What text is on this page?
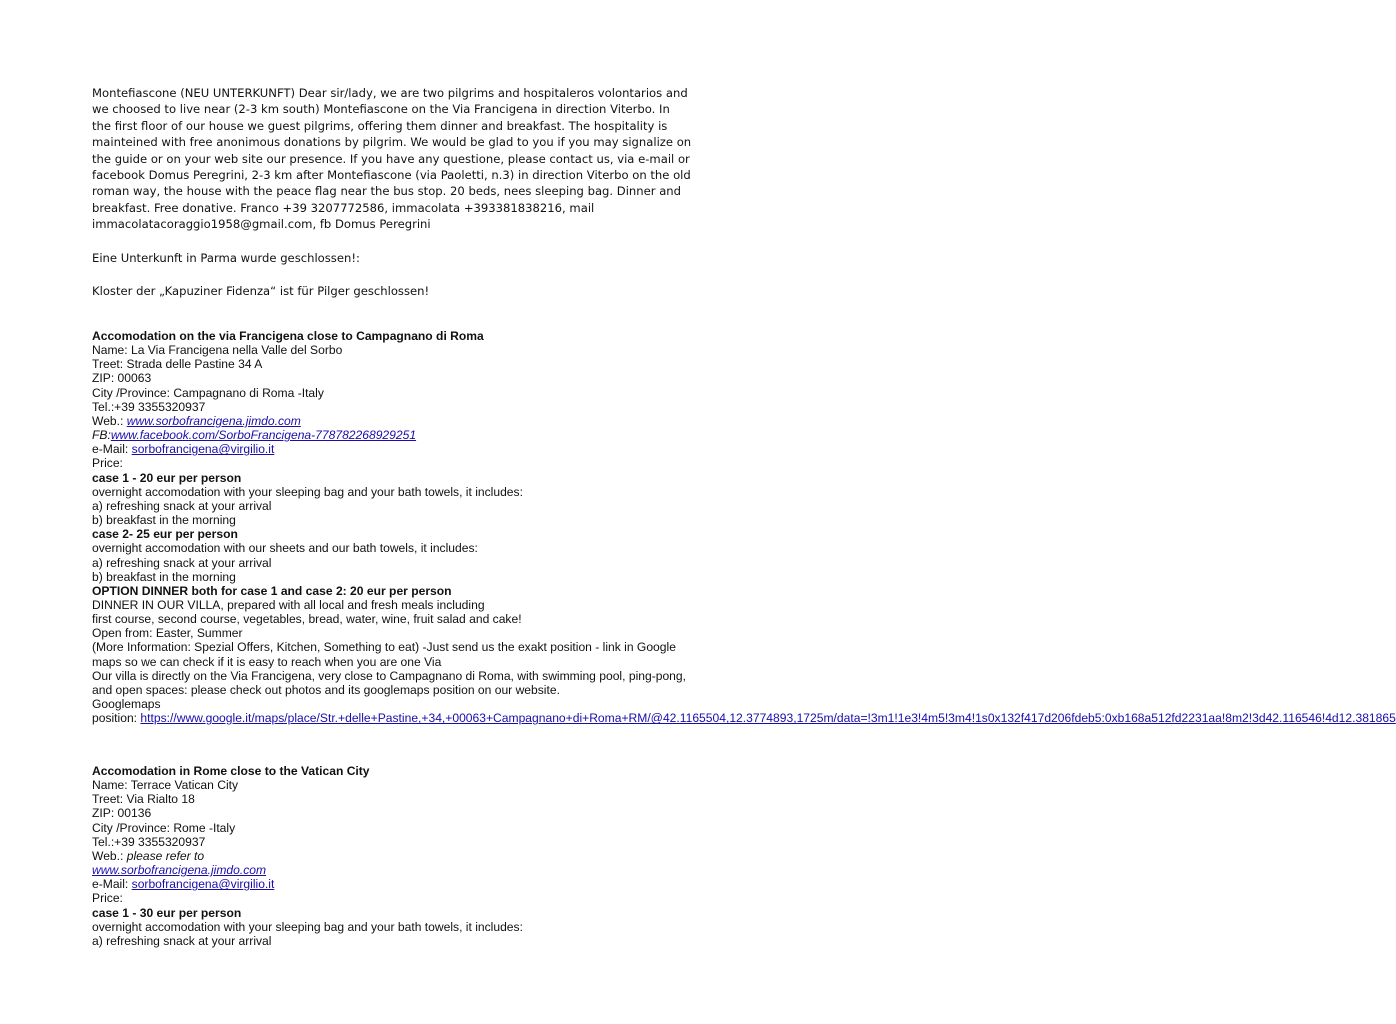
Montefiascone (NEU UNTERKUNFT) Dear sir/lady, we are two pilgrims and hospitaleros volontarios and we choosed to live near (2-3 km south) Montefiascone on the Via Francigena in direction Viterbo. In the first floor of our house we guest pilgrims, offering them dinner and breakfast. The hospitality is mainteined with free anonimous donations by pilgrim. We would be glad to you if you may signalize on the guide or on your web site our presence. If you have any questione, please contact us, via e-mail or facebook Domus Peregrini, 2-3 km after Montefiascone (via Paoletti, n.3) in direction Viterbo on the old roman way, the house with the peace flag near the bus stop. 20 beds, nees sleeping bag. Dinner and breakfast. Free donative. Franco +39 3207772586, immacolata +393381838216, mail immacolatacoraggio1958@gmail.com, fb Domus Peregrini

Eine Unterkunft in Parma wurde geschlossen!:

Kloster der „Kapuziner Fidenza“ ist für Pilger geschlossen!

Accomodation on the via Francigena close to Campagnano di Roma
Name: La Via Francigena nella Valle del Sorbo
Treet: Strada delle Pastine 34 A
ZIP: 00063
City /Province: Campagnano di Roma -Italy
Tel.:+39 3355320937
Web.: www.sorbofrancigena.jimdo.com
FB:www.facebook.com/SorboFrancigena-778782268929251
e-Mail: sorbofrancigena@virgilio.it
Price:
case 1 - 20 eur per person
overnight accomodation with your sleeping bag and your bath towels, it includes:
a) refreshing snack at your arrival
b) breakfast in the morning
case 2- 25 eur per person
overnight accomodation with our sheets and our bath towels, it includes:
a) refreshing snack at your arrival
b) breakfast in the morning
OPTION DINNER both for case 1 and case 2: 20 eur per person
DINNER IN OUR VILLA, prepared with all local and fresh meals including
first course, second course, vegetables, bread, water, wine, fruit salad and cake!
Open from: Easter, Summer
(More Information: Spezial Offers, Kitchen, Something to eat) -Just send us the exakt position - link in Google maps so we can check if it is easy to reach when you are one Via
Our villa is directly on the Via Francigena, very close to Campagnano di Roma, with swimming pool, ping-pong, and open spaces: please check out photos and its googlemaps position on our website.
Googlemaps
position: https://www.google.it/maps/place/Str.+delle+Pastine,+34,+00063+Campagnano+di+Roma+RM/@42.1165504,12.3774893,1725m/data=!3m1!1e3!4m5!3m4!1s0x132f417d206fdeb5:0xb168a512fd2231aa!8m2!3d42.116546!4d12.381865
Accomodation in Rome close to the Vatican City
Name: Terrace Vatican City
Treet: Via Rialto 18
ZIP: 00136
City /Province: Rome -Italy
Tel.:+39 3355320937
Web.: please refer to
www.sorbofrancigena.jimdo.com
e-Mail: sorbofrancigena@virgilio.it
Price:
case 1 - 30 eur per person
overnight accomodation with your sleeping bag and your bath towels, it includes:
a) refreshing snack at your arrival
